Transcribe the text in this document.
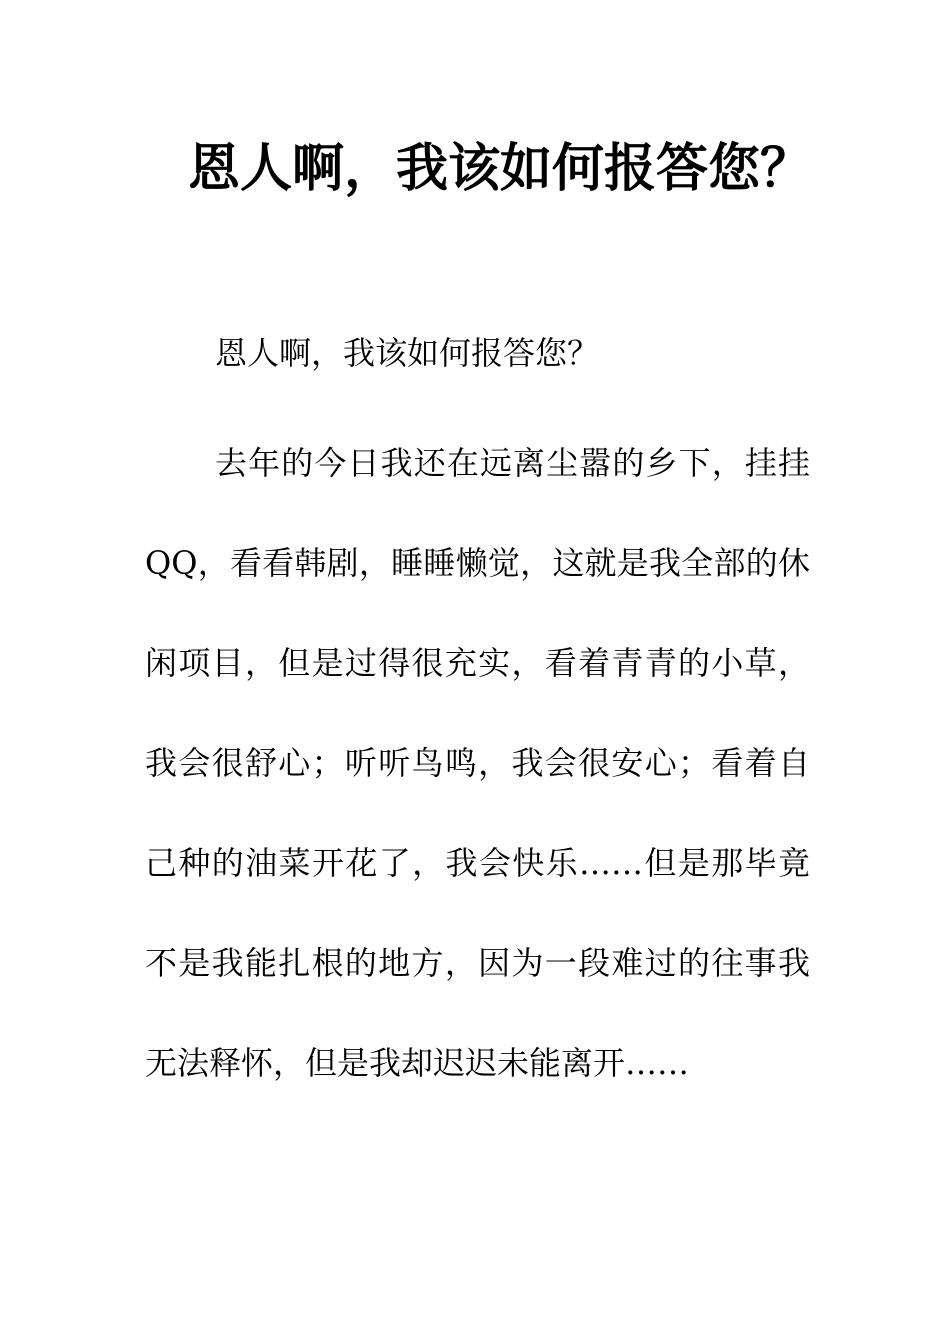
恩人啊，我该如何报答您？

恩人啊，我该如何报答您？

去年的今日我还在远离尘嚣的乡下，挂挂QQ，看看韩剧，睡睡懒觉，这就是我全部的休闲项目，但是过得很充实，看着青青的小草，我会很舒心；听听鸟鸣，我会很安心；看着自己种的油菜开花了，我会快乐……但是那毕竟不是我能扎根的地方，因为一段难过的往事我无法释怀，但是我却迟迟未能离开……
